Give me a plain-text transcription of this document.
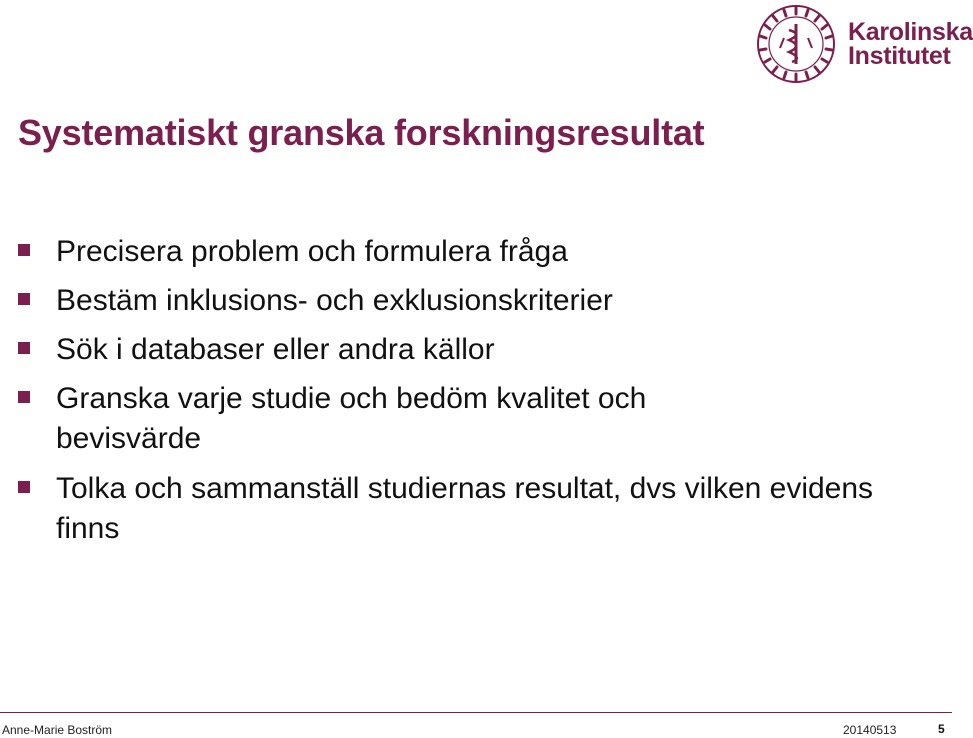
Karolinska
Institutet
Systematiskt granska forskningsresultat
Precisera problem och formulera fråga
Bestäm inklusions- och exklusionskriterier
Sök i databaser eller andra källor
Granska varje studie och bedöm kvalitet och bevisvärde
Tolka och sammanställ studiernas resultat, dvs vilken evidens finns
Anne-Marie Boström	20140513	5
